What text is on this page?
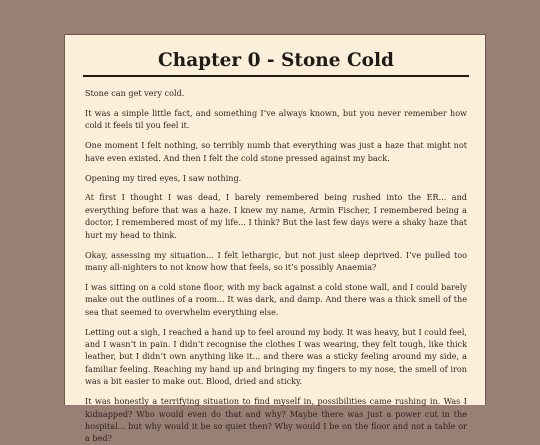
Chapter 0 - Stone Cold

Stone can get very cold.

It was a simple little fact, and something I’ve always known, but you never remember how cold it feels til you feel it.

One moment I felt nothing, so terribly numb that everything was just a haze that might not have even existed. And then I felt the cold stone pressed against my back.

Opening my tired eyes, I saw nothing.

At first I thought I was dead, I barely remembered being rushed into the ER... and everything before that was a haze. I knew my name, Armin Fischer, I remembered being a doctor, I remembered most of my life... I think? But the last few days were a shaky haze that hurt my head to think.

Okay, assessing my situation... I felt lethargic, but not just sleep deprived. I’ve pulled too many all-nighters to not know how that feels, so it’s possibly Anaemia?

I was sitting on a cold stone floor, with my back against a cold stone wall, and I could barely make out the outlines of a room... It was dark, and damp. And there was a thick smell of the sea that seemed to overwhelm everything else.

Letting out a sigh, I reached a hand up to feel around my body. It was heavy, but I could feel, and I wasn’t in pain. I didn’t recognise the clothes I was wearing, they felt tough, like thick leather, but I didn’t own anything like it... and there was a sticky feeling around my side, a familiar feeling. Reaching my hand up and bringing my fingers to my nose, the smell of iron was a bit easier to make out. Blood, dried and sticky.

It was honestly a terrifying situation to find myself in, possibilities came rushing in. Was I kidnapped? Who would even do that and why? Maybe there was just a power cut in the hospital... but why would it be so quiet then? Why would I be on the floor and not a table or a bed?
